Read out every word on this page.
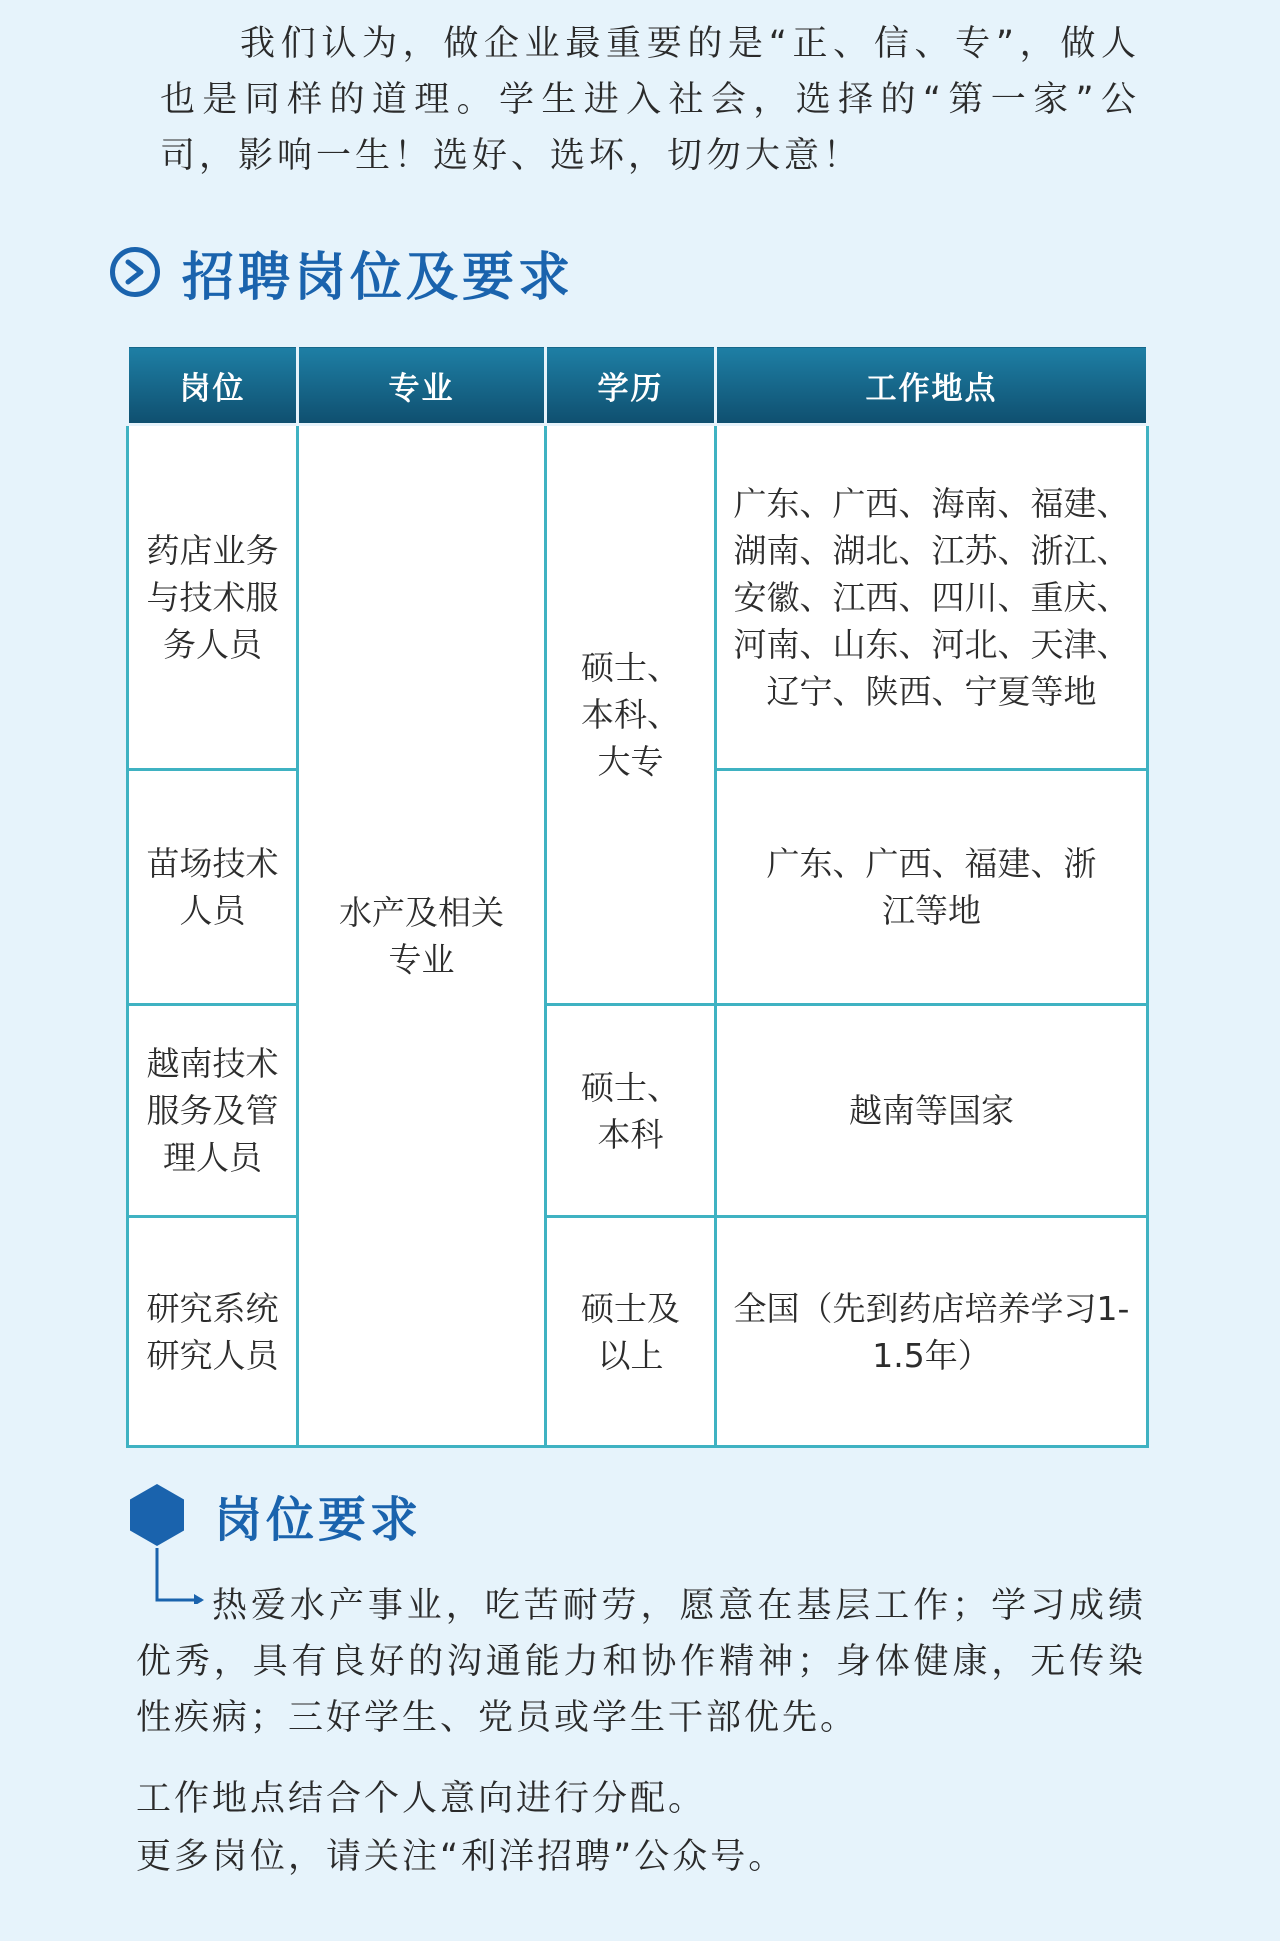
我们认为，做企业最重要的是“正、信、专”，做人也是同样的道理。学生进入社会，选择的“第一家”公司，影响一生！选好、选坏，切勿大意！

招聘岗位及要求
岗位	专业	学历	工作地点
药店业务与技术服务人员	水产及相关专业	硕士、本科、大专	广东、广西、海南、福建、湖南、湖北、江苏、浙江、安徽、江西、四川、重庆、河南、山东、河北、天津、辽宁、陕西、宁夏等地
苗场技术人员			广东、广西、福建、浙江等地
越南技术服务及管理人员		硕士、本科	越南等国家
研究系统研究人员		硕士及以上	全国（先到药店培养学习1-1.5年）
岗位要求

热爱水产事业，吃苦耐劳，愿意在基层工作；学习成绩优秀，具有良好的沟通能力和协作精神；身体健康，无传染性疾病；三好学生、党员或学生干部优先。

工作地点结合个人意向进行分配。

更多岗位，请关注“利洋招聘”公众号。
